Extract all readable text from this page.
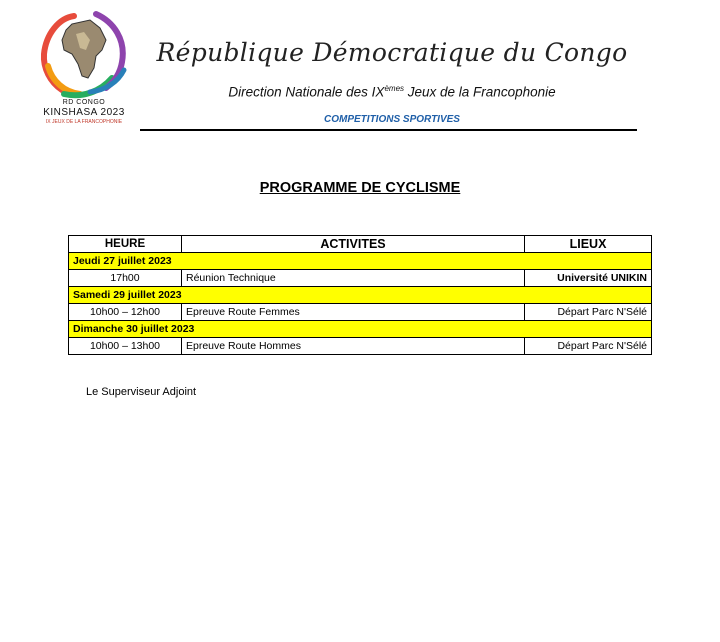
RD CONGO
KINSHASA 2023
IX JEUX DE LA FRANCOPHONIE
République Démocratique du Congo
Direction Nationale des IXèmes Jeux de la Francophonie
COMPETITIONS SPORTIVES
PROGRAMME DE CYCLISME
HEURE	ACTIVITES	LIEUX
Jeudi 27 juillet 2023		
17h00	Réunion Technique	Université UNIKIN
Samedi 29 juillet 2023		
10h00 – 12h00	Epreuve Route Femmes	Départ Parc N'Sélé
Dimanche 30 juillet 2023		
10h00 – 13h00	Epreuve Route Hommes	Départ Parc N'Sélé
Le Superviseur Adjoint
